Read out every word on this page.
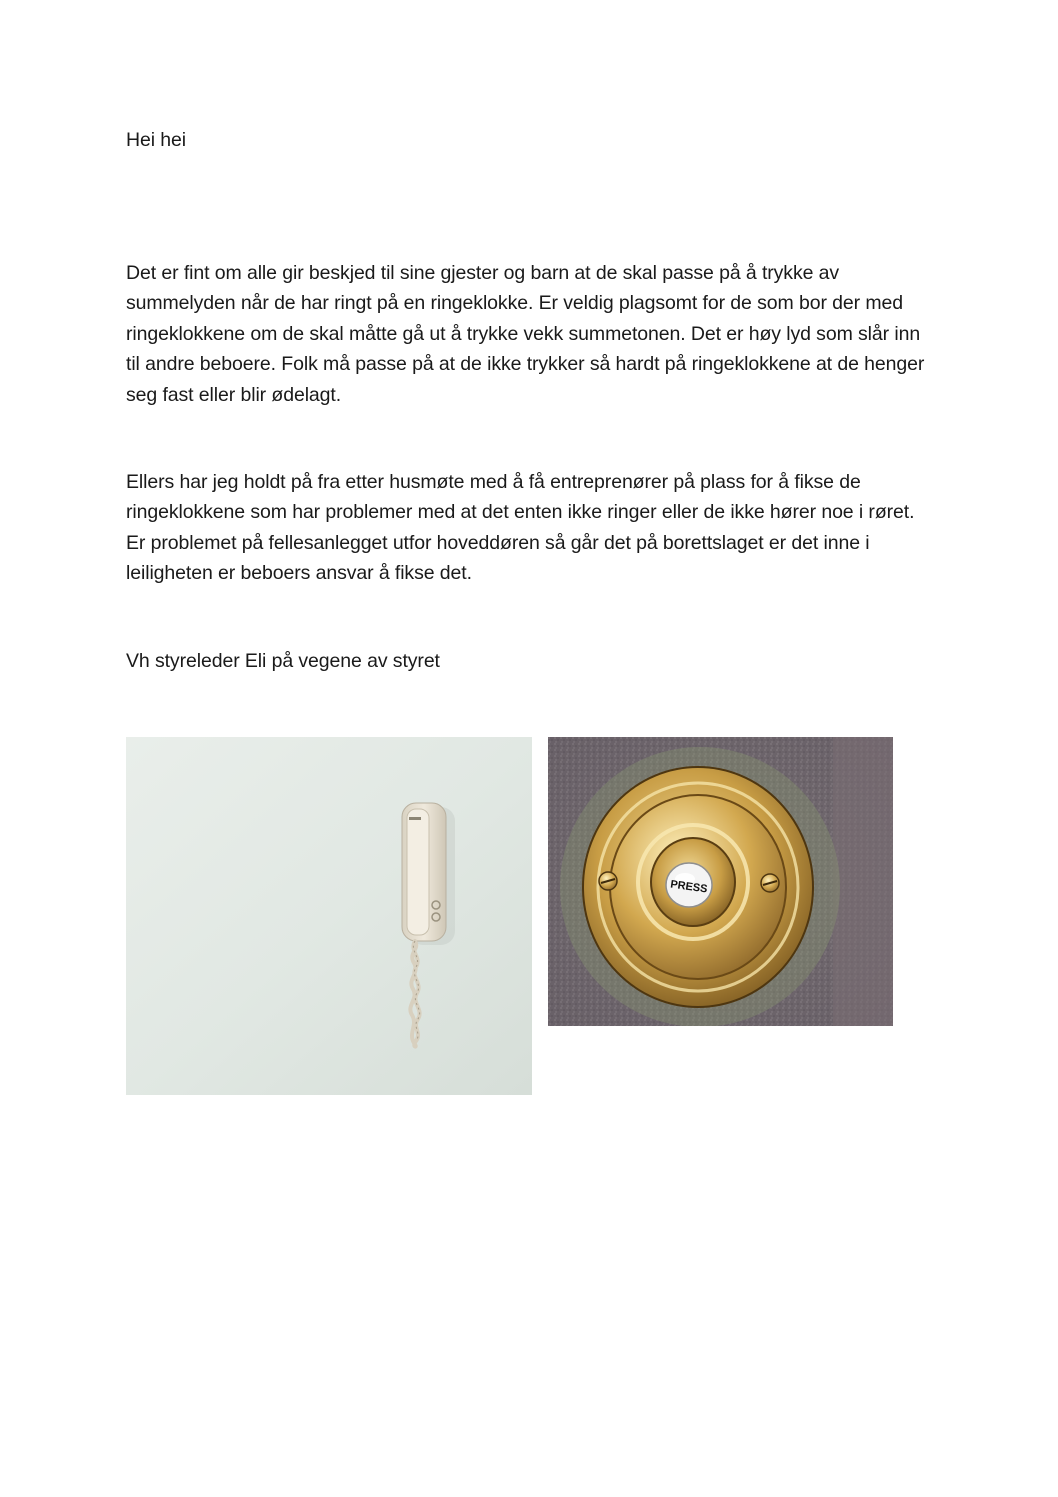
Hei hei

Det er fint om alle gir beskjed til sine gjester og barn at de skal passe på å trykke av summelyden når de har ringt på en ringeklokke. Er veldig plagsomt for de som bor der med ringeklokkene om de skal måtte gå ut å trykke vekk summetonen. Det er høy lyd som slår inn til andre beboere. Folk må passe på at de ikke trykker så hardt på ringeklokkene at de henger seg fast eller blir ødelagt.

Ellers har jeg holdt på fra etter husmøte med å få entreprenører på plass for å fikse de ringeklokkene som har problemer med at det enten ikke ringer eller de ikke hører noe i røret. Er problemet på fellesanlegget utfor hoveddøren så går det på borettslaget er det inne i leiligheten er beboers ansvar å fikse det.

Vh styreleder Eli på vegene av styret

PRESS
